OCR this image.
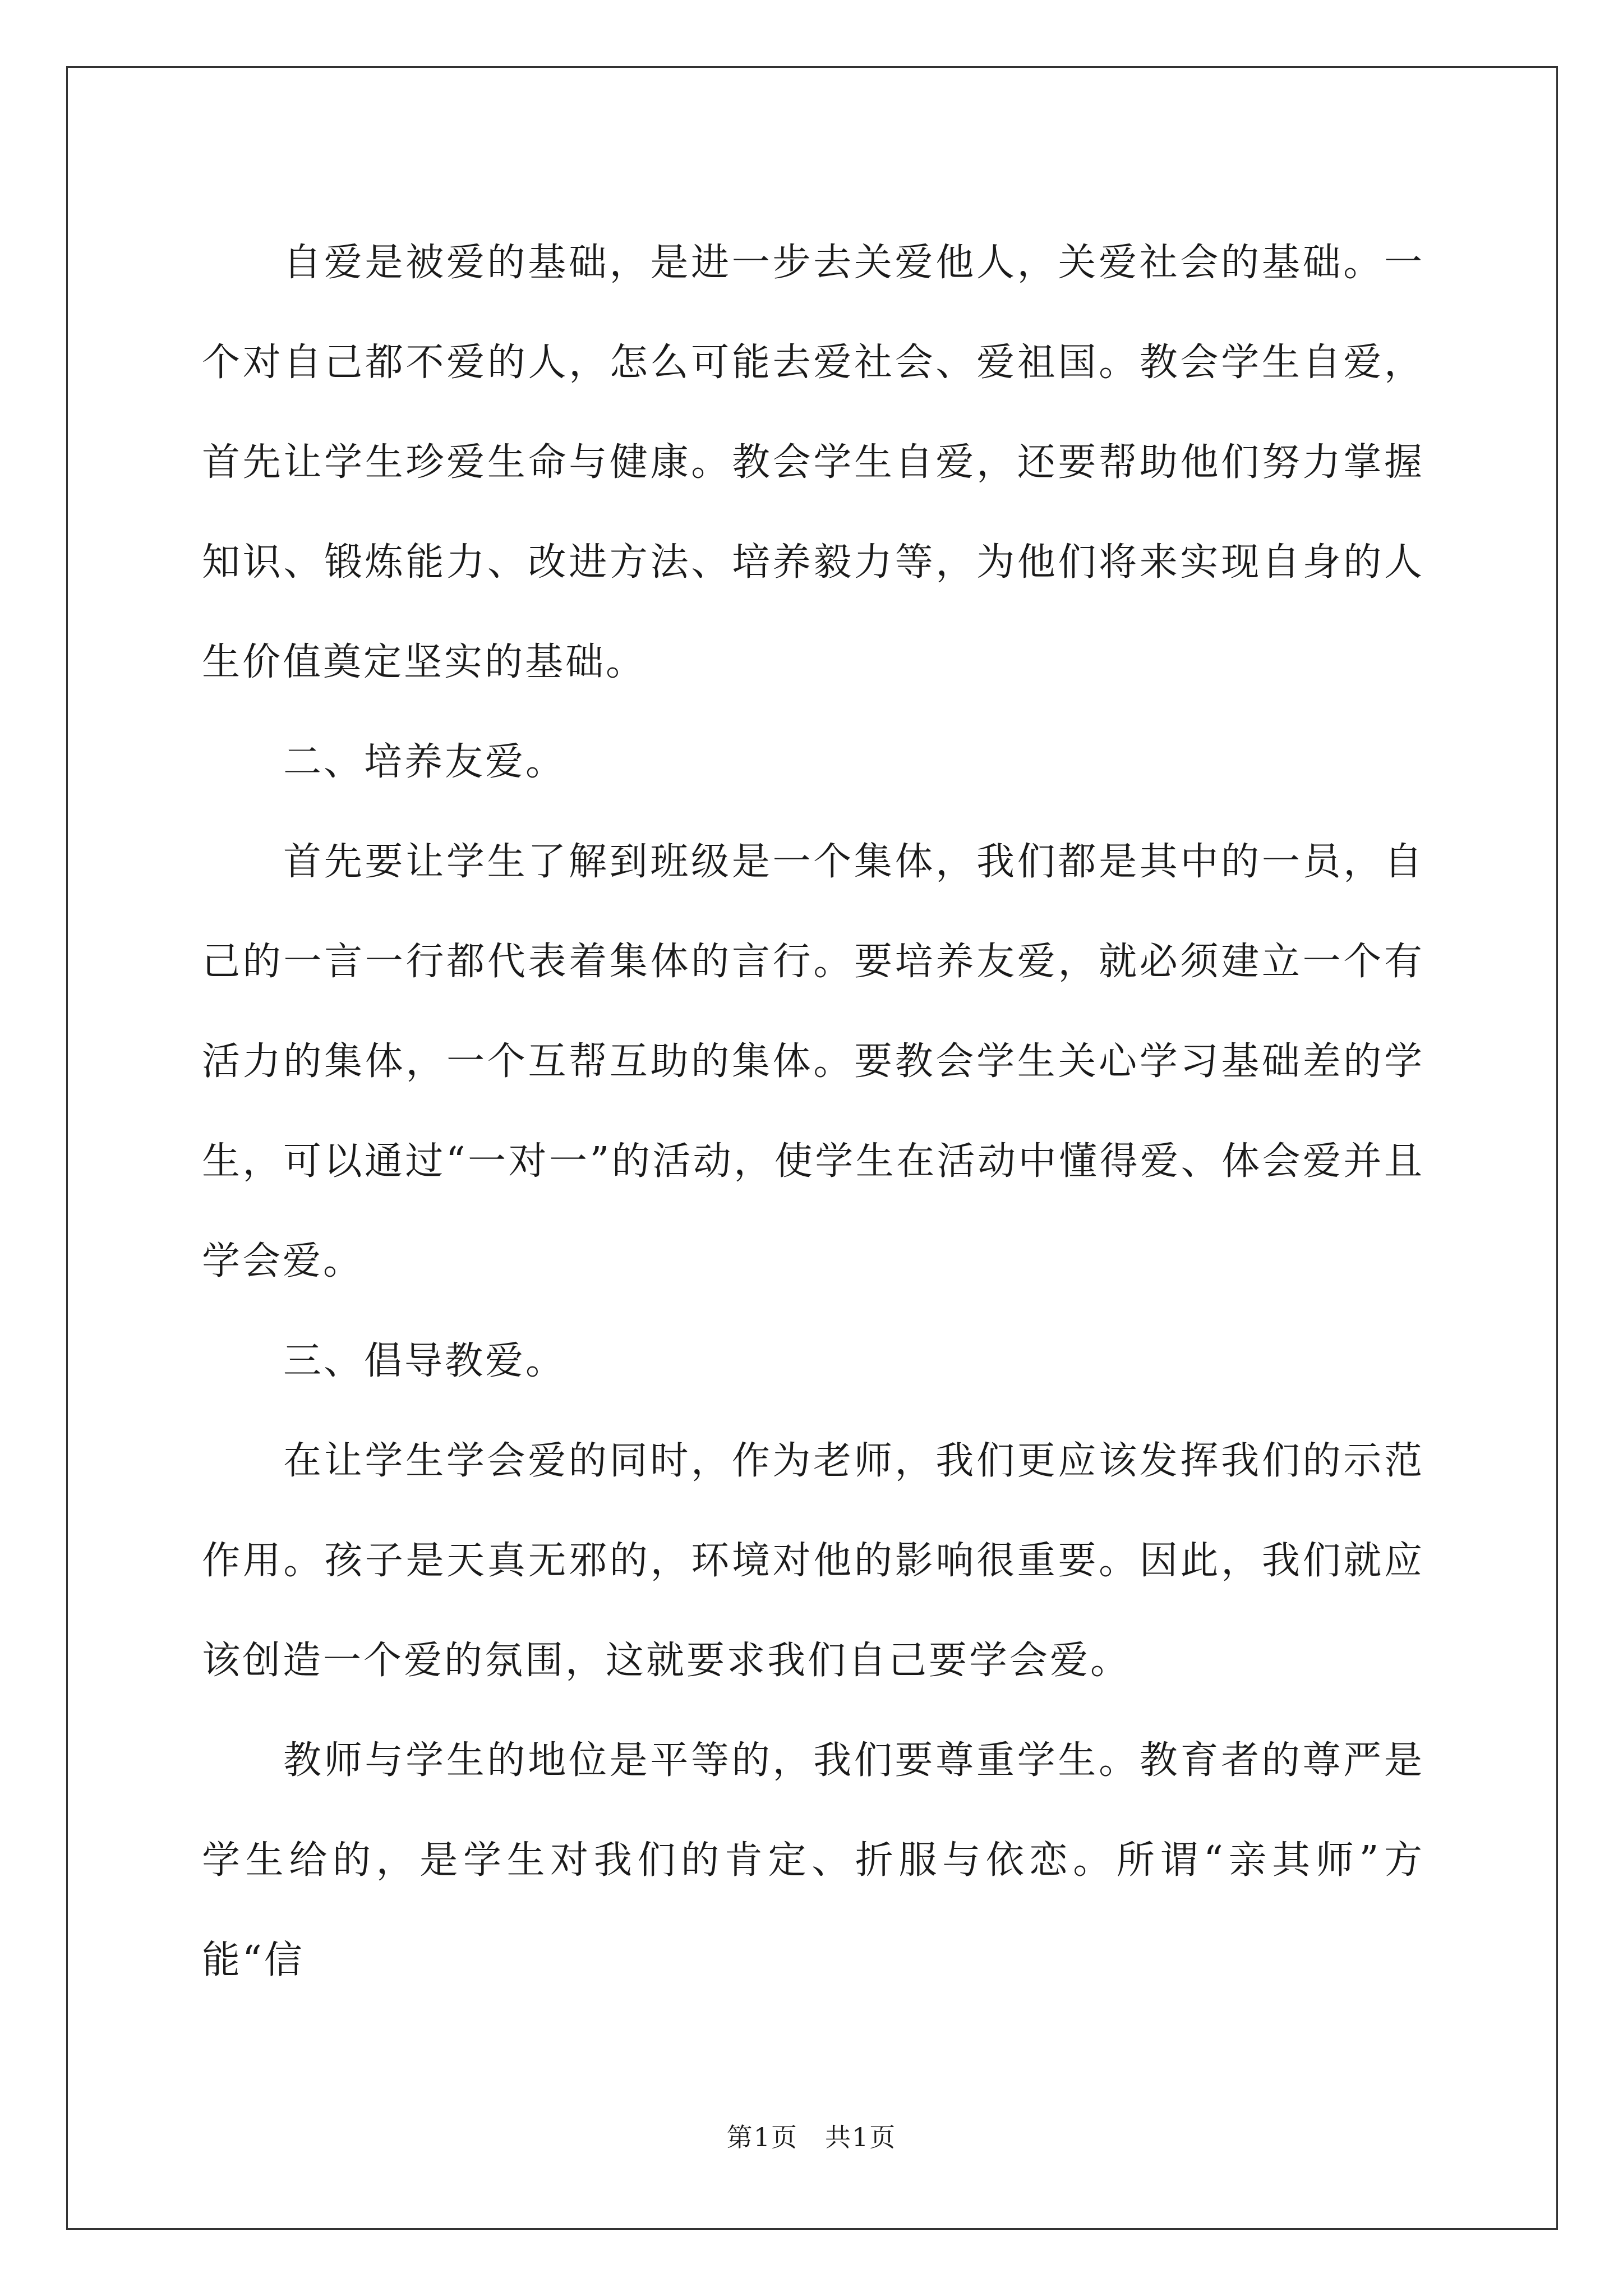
自爱是被爱的基础，是进一步去关爱他人，关爱社会的基础。一个对自己都不爱的人，怎么可能去爱社会、爱祖国。教会学生自爱，首先让学生珍爱生命与健康。教会学生自爱，还要帮助他们努力掌握知识、锻炼能力、改进方法、培养毅力等，为他们将来实现自身的人生价值奠定坚实的基础。

二、培养友爱。

首先要让学生了解到班级是一个集体，我们都是其中的一员，自己的一言一行都代表着集体的言行。要培养友爱，就必须建立一个有活力的集体，一个互帮互助的集体。要教会学生关心学习基础差的学生，可以通过“一对一”的活动，使学生在活动中懂得爱、体会爱并且学会爱。

三、倡导教爱。

在让学生学会爱的同时，作为老师，我们更应该发挥我们的示范作用。孩子是天真无邪的，环境对他的影响很重要。因此，我们就应该创造一个爱的氛围，这就要求我们自己要学会爱。

教师与学生的地位是平等的，我们要尊重学生。教育者的尊严是学生给的，是学生对我们的肯定、折服与依恋。所谓“亲其师”方能“信

第1页　共1页
